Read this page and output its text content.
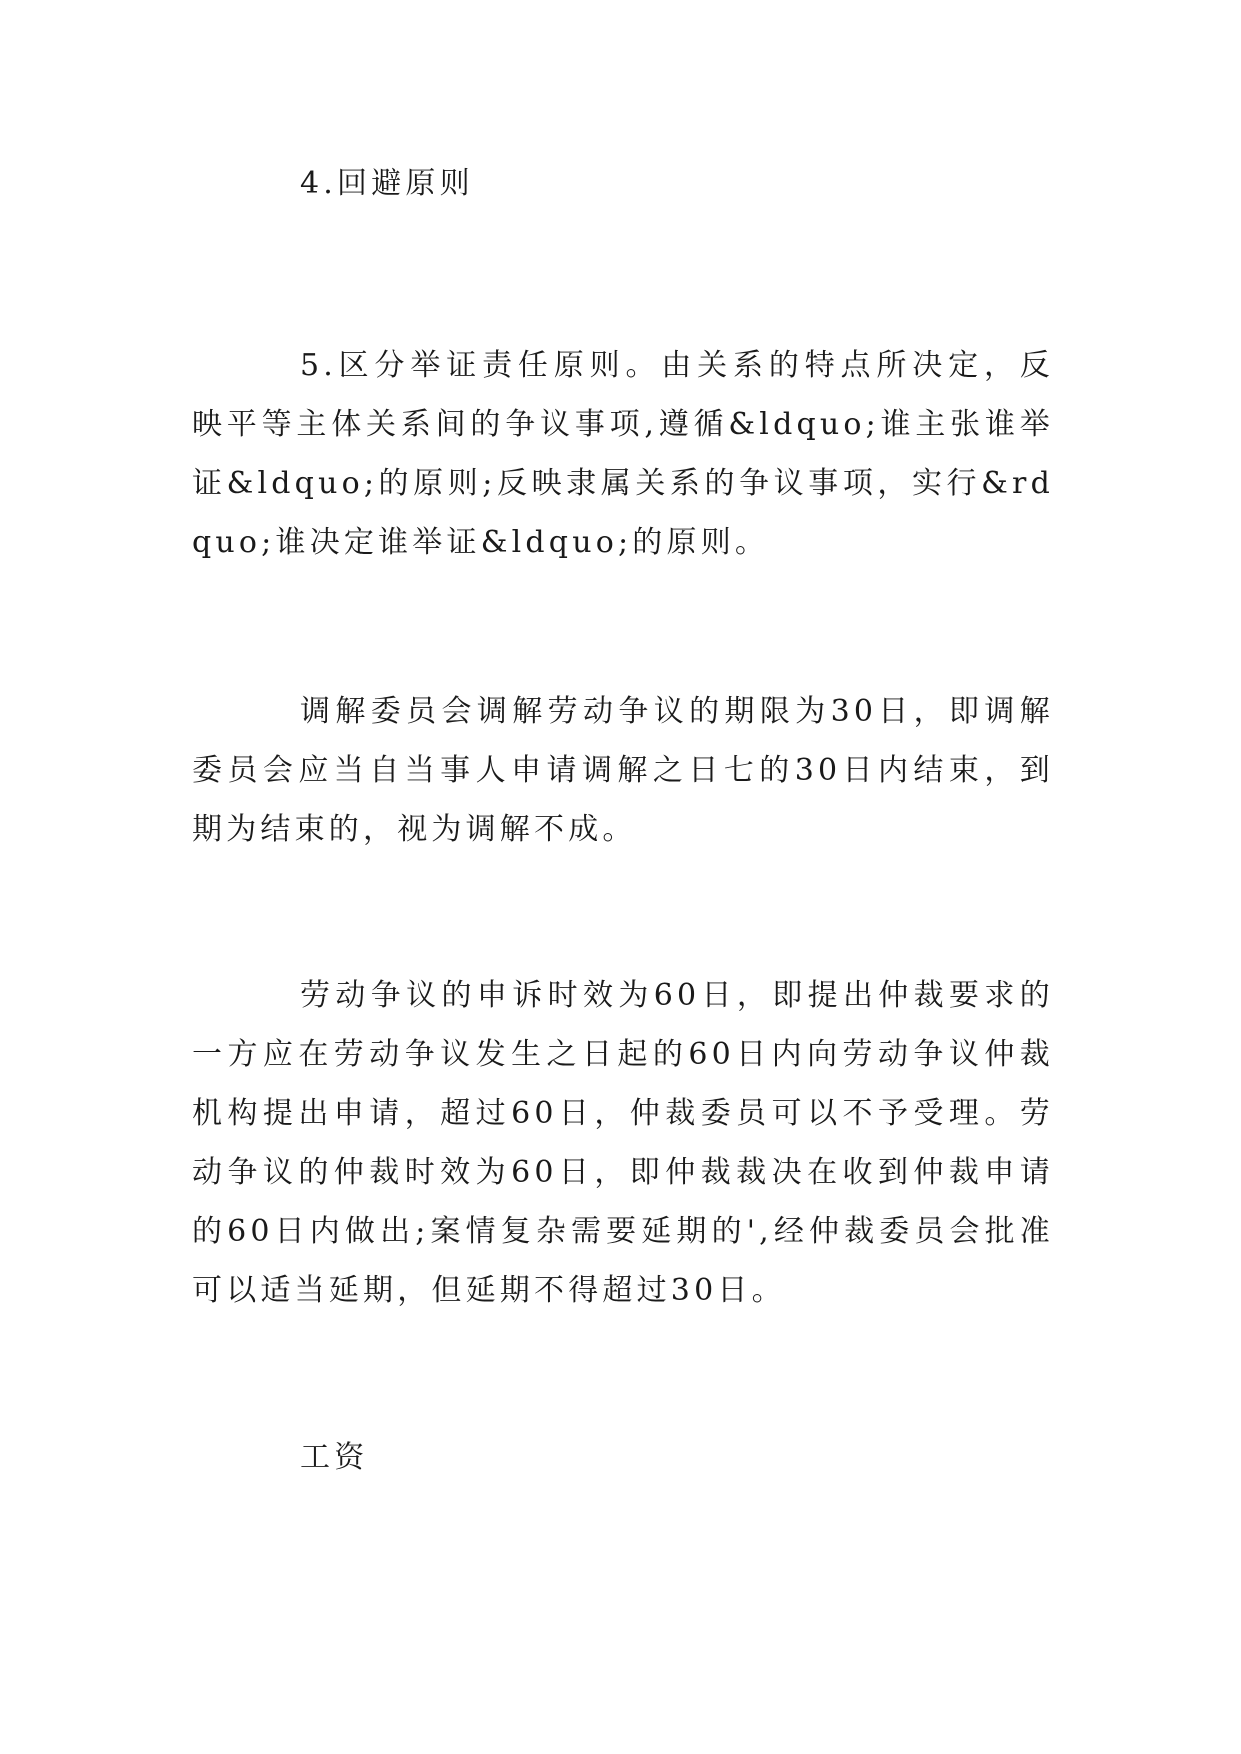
4.回避原则

5.区分举证责任原则。由关系的特点所决定，反映平等主体关系间的争议事项,遵循&ldquo;谁主张谁举证&ldquo;的原则;反映隶属关系的争议事项，实行&rdquo;谁决定谁举证&ldquo;的原则。

调解委员会调解劳动争议的期限为30日，即调解委员会应当自当事人申请调解之日七的30日内结束，到期为结束的，视为调解不成。

劳动争议的申诉时效为60日，即提出仲裁要求的一方应在劳动争议发生之日起的60日内向劳动争议仲裁机构提出申请，超过60日，仲裁委员可以不予受理。劳动争议的仲裁时效为60日，即仲裁裁决在收到仲裁申请的60日内做出;案情复杂需要延期的',经仲裁委员会批准可以适当延期，但延期不得超过30日。

工资
